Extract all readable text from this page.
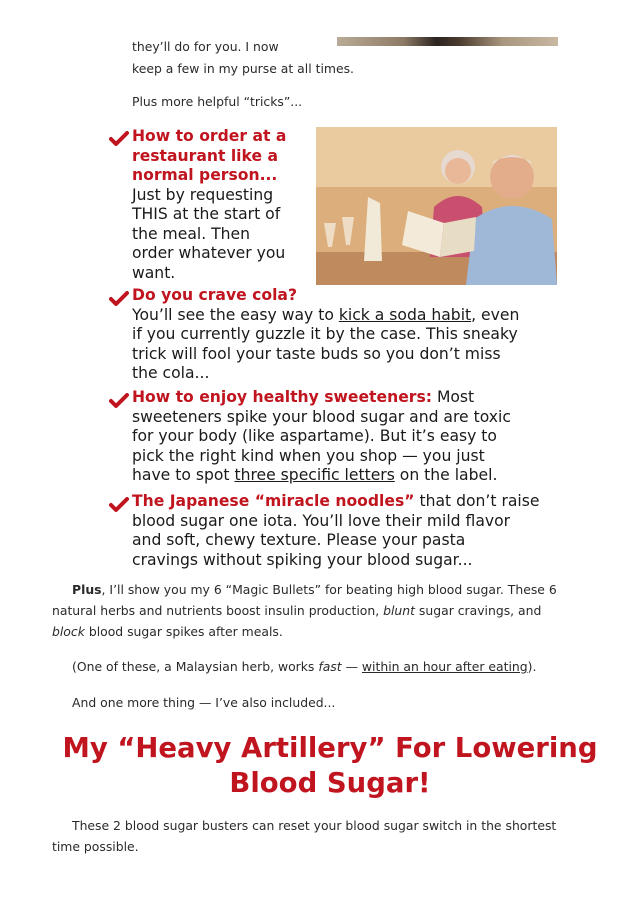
they’ll do for you. I now
keep a few in my purse at all times.
Plus more helpful “tricks”...
How to order at a
restaurant like a
normal person...
Just by requesting
THIS at the start of
the meal. Then
order whatever you
want.
Do you crave cola?
You’ll see the easy way to kick a soda habit, even
if you currently guzzle it by the case. This sneaky
trick will fool your taste buds so you don’t miss
the cola...
How to enjoy healthy sweeteners: Most
sweeteners spike your blood sugar and are toxic
for your body (like aspartame). But it’s easy to
pick the right kind when you shop — you just
have to spot three specific letters on the label.
The Japanese “miracle noodles” that don’t raise
blood sugar one iota. You’ll love their mild flavor
and soft, chewy texture. Please your pasta
cravings without spiking your blood sugar...
Plus, I’ll show you my 6 “Magic Bullets” for beating high blood sugar. These 6
natural herbs and nutrients boost insulin production, blunt sugar cravings, and
block blood sugar spikes after meals.
(One of these, a Malaysian herb, works fast — within an hour after eating).
And one more thing — I’ve also included...
My “Heavy Artillery” For Lowering
Blood Sugar!
These 2 blood sugar busters can reset your blood sugar switch in the shortest
time possible.
